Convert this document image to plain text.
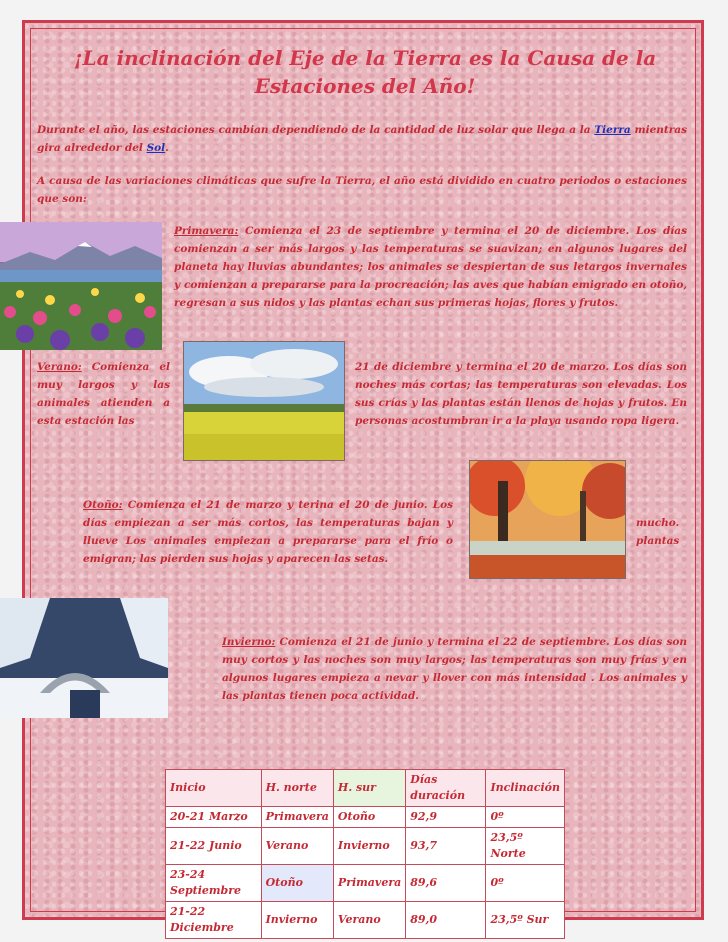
¡La inclinación del Eje de la Tierra es la Causa de la
Estaciones del Año!
Durante el año, las estaciones cambian dependiendo de la cantidad de luz solar que llega a la Tierra mientras gira alrededor del Sol.
A causa de las variaciones climáticas que sufre la Tierra, el año está dividido en cuatro periodos o estaciones que son:
Primavera: Comienza el 23 de septiembre y termina el 20 de diciembre. Los días comienzan a ser más largos y las temperaturas se suavizan; en algunos lugares del planeta hay lluvias abundantes; los animales se despiertan de sus letargos invernales y comienzan a prepararse para la procreación; las aves que habían emigrado en otoño, regresan a sus nidos y las plantas echan sus primeras hojas, flores y frutos.
Verano: Comienza el muy largos y las animales atienden a esta estación las
21 de diciembre y termina el 20 de marzo. Los días son noches más cortas; las temperaturas son elevadas. Los sus crías y las plantas están llenos de hojas y frutos. En personas acostumbran ir a la playa usando ropa ligera.
Otoño: Comienza el 21 de marzo y terina el 20 de junio. Los días empiezan a ser más cortos, las temperaturas bajan y llueve Los animales empiezan a prepararse para el frío o emigran; las pierden sus hojas y aparecen las setas.
mucho.
plantas
Invierno: Comienza el 21 de junio y termina el 22 de septiembre. Los días son muy cortos y las noches son muy largos; las temperaturas son muy frías y en algunos lugares empieza a nevar y llover con más intensidad . Los animales y las plantas tienen poca actividad.
Inicio	H. norte	H. sur	Días duración	Inclinación
20-21 Marzo	Primavera	Otoño	92,9	0º
21-22 Junio	Verano	Invierno	93,7	23,5º Norte
23-24 Septiembre	Otoño	Primavera	89,6	0º
21-22 Diciembre	Invierno	Verano	89,0	23,5º Sur
